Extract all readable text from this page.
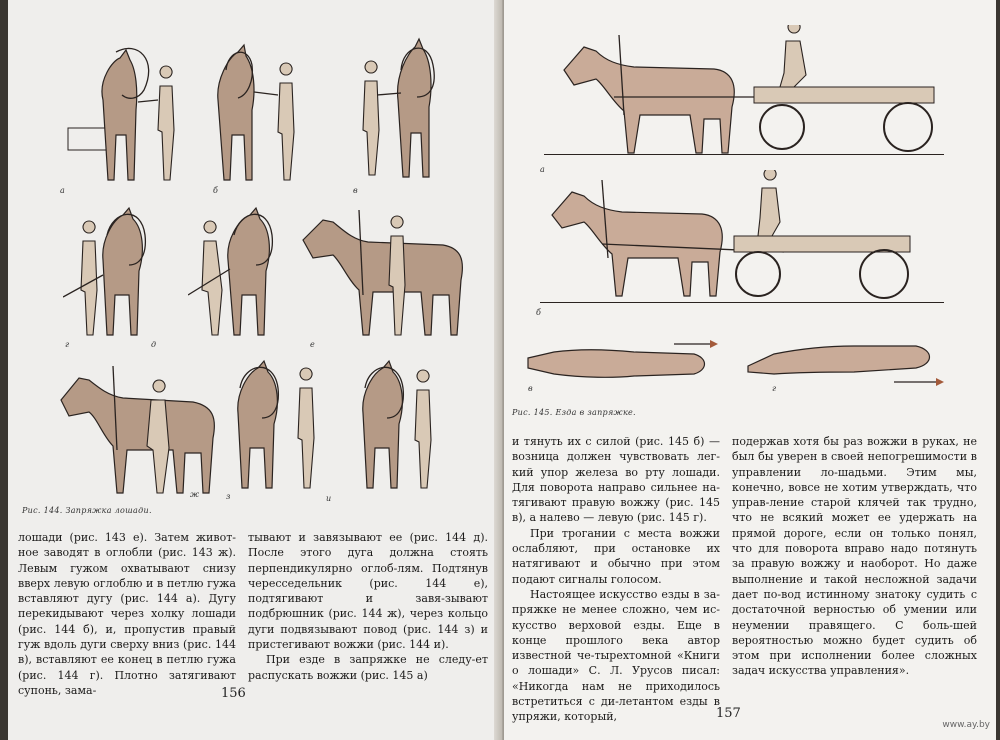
а	б	в
г	д	е
ж	з	и
Рис. 144. Запряжка лошади.

лошади (рис. 143 е). Затем живот-ное заводят в оглобли (рис. 143 ж). Левым гужом охватывают снизу вверх левую оглоблю и в петлю гужа вставляют дугу (рис. 144 а). Дугу перекидывают через холку лошади (рис. 144 б), и, пропустив правый гуж вдоль дуги сверху вниз (рис. 144 в), вставляют ее конец в петлю гужа (рис. 144 г). Плотно затягивают супонь, зама-

тывают и завязывают ее (рис. 144 д). После этого дуга должна стоять перпендикулярно оглоб-лям. Подтянув чересседельник (рис. 144 е), подтягивают и завя-зывают подбрюшник (рис. 144 ж), через кольцо дуги подвязывают повод (рис. 144 з) и пристегивают вожжи (рис. 144 и).

При езде в запряжке не следу-ет распускать вожжи (рис. 145 а)

156
а
б
в	г
Рис. 145. Езда в запряжке.

и тянуть их с силой (рис. 145 б) — возница должен чувствовать лег-кий упор железа во рту лошади. Для поворота направо сильнее на-тягивают правую вожжу (рис. 145 в), а налево — левую (рис. 145 г).

При трогании с места вожжи ослабляют, при остановке их натягивают и обычно при этом подают сигналы голосом.

Настоящее искусство езды в за-пряжке не менее сложно, чем ис-кусство верховой езды. Еще в конце прошлого века автор известной че-тырехтомной «Книги о лошади» С. Л. Урусов писал: «Никогда нам не приходилось встретиться с ди-летантом езды в упряжи, который,

подержав хотя бы раз вожжи в руках, не был бы уверен в своей непогрешимости в управлении ло-шадьми. Этим мы, конечно, вовсе не хотим утверждать, что управ-ление старой клячей так трудно, что не всякий может ее удержать на прямой дороге, если он только понял, что для поворота вправо надо потянуть за правую вожжу и наоборот. Но даже выполнение и такой несложной задачи дает по-вод истинному знатоку судить с достаточной верностью об умении или неумении правящего. С боль-шей вероятностью можно будет судить об этом при исполнении более сложных задач искусства управления».

157
www.ay.by
